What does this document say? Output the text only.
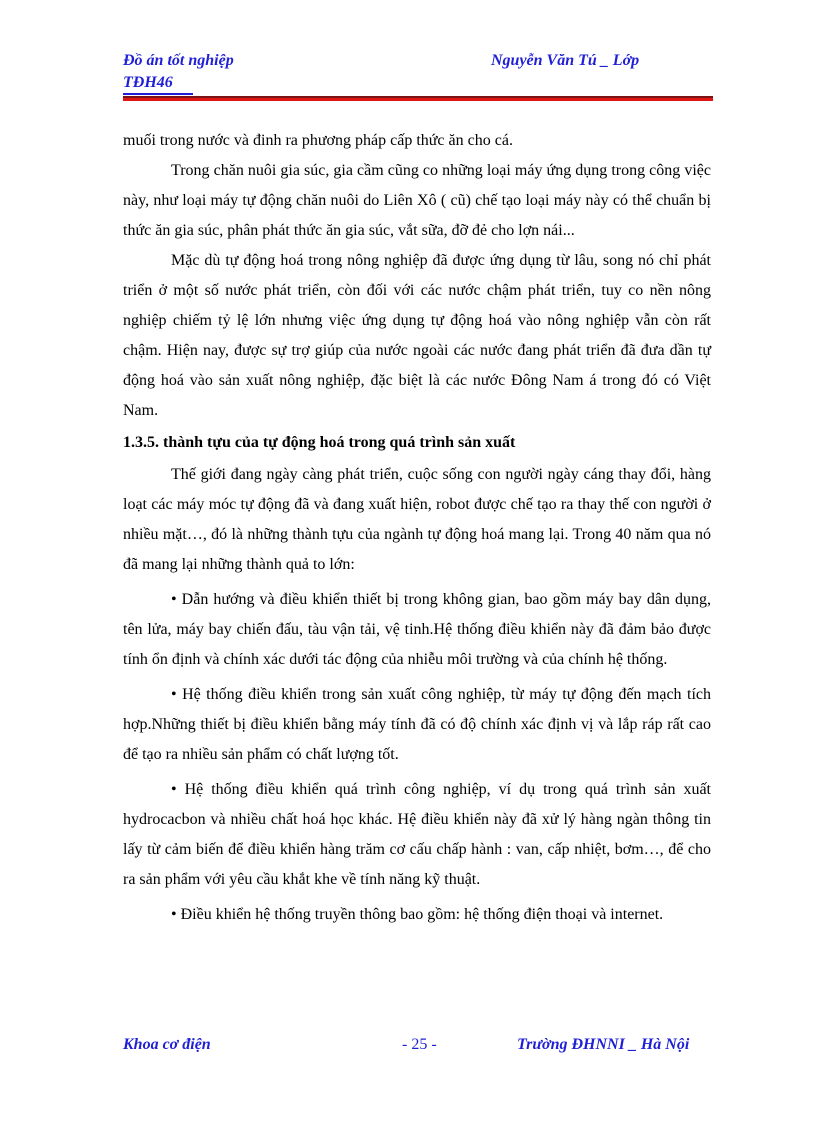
Đồ án tốt nghiệp
TĐH46
Nguyễn Văn Tú _ Lớp

muối trong nước và đinh ra phương pháp cấp thức ăn cho cá.

Trong chăn nuôi gia súc, gia cầm cũng co những loại máy ứng dụng trong công việc này, như loại máy tự động chăn nuôi do Liên Xô ( cũ) chế tạo loại máy này có thể chuẩn bị thức ăn gia súc, phân phát thức ăn gia súc, vắt sữa, đỡ đẻ cho lợn nái...

Mặc dù tự động hoá trong nông nghiệp đã được ứng dụng từ lâu, song nó chỉ phát triển ở một số nước phát triển, còn đối với các nước chậm phát triển, tuy co nền nông nghiệp chiếm tỷ lệ lớn nhưng việc ứng dụng tự động hoá vào nông nghiệp vẫn còn rất chậm. Hiện nay, được sự trợ giúp của nước ngoài các nước đang phát triển đã đưa dần tự động hoá vào sản xuất nông nghiệp, đặc biệt là các nước Đông Nam á trong đó có Việt Nam.

1.3.5. thành tựu của tự động hoá trong quá trình sản xuất

Thế giới đang ngày càng phát triển, cuộc sống con người ngày cáng thay đổi, hàng loạt các máy móc tự động đã và đang xuất hiện, robot được chế tạo ra thay thế con người ở nhiều mặt…, đó là những thành tựu của ngành tự động hoá mang lại. Trong 40 năm qua nó đã mang lại những thành quả to lớn:

• Dẫn hướng và điều khiển thiết bị trong không gian, bao gồm máy bay dân dụng, tên lửa, máy bay chiến đấu, tàu vận tải, vệ tinh.Hệ thống điều khiển này đã đảm bảo được tính ổn định và chính xác dưới tác động của nhiễu môi trường và của chính hệ thống.

• Hệ thống điều khiển trong sản xuất công nghiệp, từ máy tự động đến mạch tích hợp.Những thiết bị điều khiển bằng máy tính đã có độ chính xác định vị và lắp ráp rất cao để tạo ra nhiều sản phẩm có chất lượng tốt.

• Hệ thống điều khiển quá trình công nghiệp, ví dụ trong quá trình sản xuất hydrocacbon và nhiều chất hoá học khác. Hệ điều khiển này đã xử lý hàng ngàn thông tin lấy từ cảm biến để điều khiển hàng trăm cơ cấu chấp hành : van, cấp nhiệt, bơm…, để cho ra sản phẩm với yêu cầu khắt khe về tính năng kỹ thuật.

• Điều khiển hệ thống truyền thông bao gồm: hệ thống điện thoại và internet.

Khoa cơ điện	- 25 -	Trường ĐHNNI _ Hà Nội
